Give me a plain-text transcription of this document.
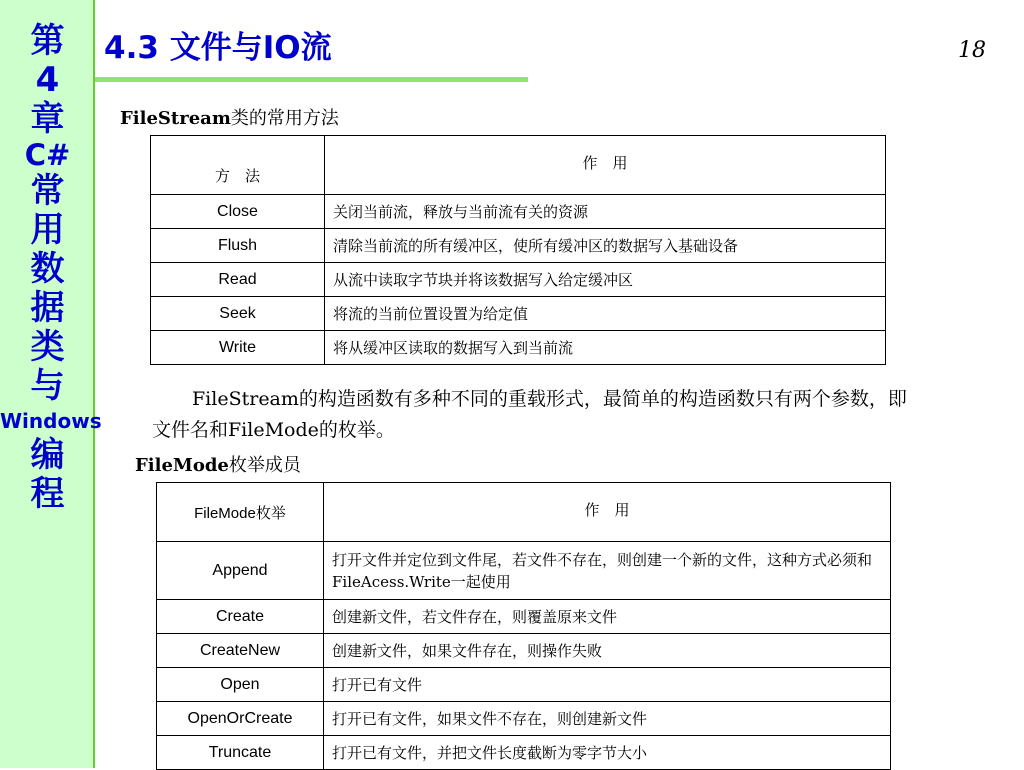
第
4
章
C#
常
用
数
据
类
与
Windows
编
程
4.3 文件与IO流	18
FileStream类的常用方法
方　法	作　用
Close	关闭当前流，释放与当前流有关的资源
Flush	清除当前流的所有缓冲区，使所有缓冲区的数据写入基础设备
Read	从流中读取字节块并将该数据写入给定缓冲区
Seek	将流的当前位置设置为给定值
Write	将从缓冲区读取的数据写入到当前流

FileStream的构造函数有多种不同的重载形式，最简单的构造函数只有两个参数，即文件名和FileMode的枚举。

FileMode枚举成员
FileMode枚举	作　用
Append	打开文件并定位到文件尾，若文件不存在，则创建一个新的文件，这种方式必须和FileAcess.Write一起使用
Create	创建新文件，若文件存在，则覆盖原来文件
CreateNew	创建新文件，如果文件存在，则操作失败
Open	打开已有文件
OpenOrCreate	打开已有文件，如果文件不存在，则创建新文件
Truncate	打开已有文件，并把文件长度截断为零字节大小
